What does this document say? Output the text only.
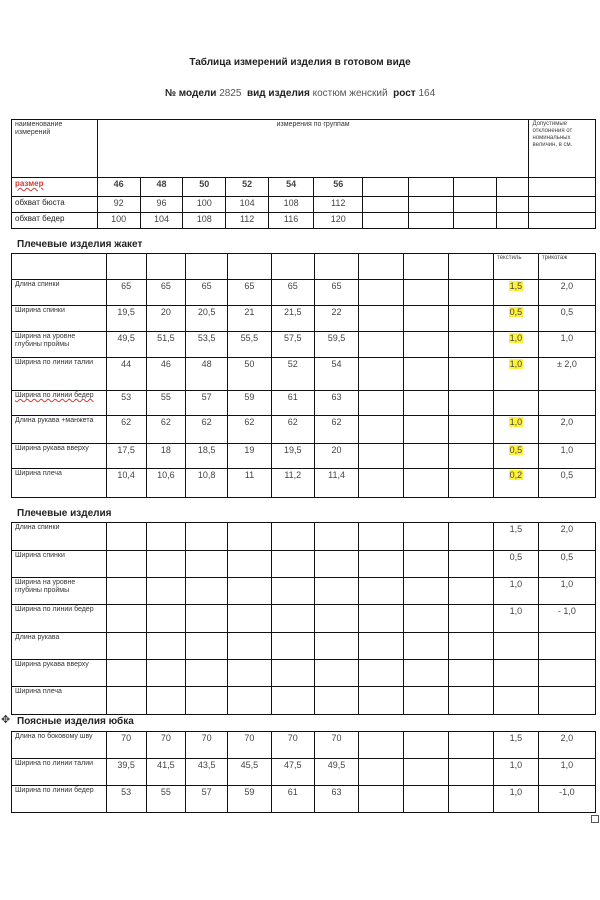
Таблица измерений изделия в готовом виде
№ модели 2825 вид изделия костюм женский рост 164
наименование измерений	измерения по группам										Допустимые отклонения от номинальных величин, в см.
размер	46	48	50	52	54	56					
обхват бюста	92	96	100	104	108	112					
обхват бедер	100	104	108	112	116	120					
Плечевые изделия жакет
										текстиль	трикотаж
Длина спинки	65	65	65	65	65	65				1,5	2,0
Ширина спинки	19,5	20	20,5	21	21,5	22				0,5	0,5
Ширина на уровне глубины проймы	49,5	51,5	53,5	55,5	57,5	59,5				1,0	1,0
Ширина по линии талии	44	46	48	50	52	54				1,0	± 2,0
Ширина по линии бедер	53	55	57	59	61	63					
Длина рукава +манжета	62	62	62	62	62	62				1,0	2,0
Ширина рукава вверху	17,5	18	18,5	19	19,5	20				0,5	1,0
Ширина плеча	10,4	10,6	10,8	11	11,2	11,4				0,2	0,5
Плечевые изделия
Длина спинки										1,5	2,0
Ширина спинки										0,5	0,5
Ширина на уровне глубины проймы										1,0	1,0
Ширина по линии бедер										1,0	- 1,0
Длина рукава											
Ширина рукава вверху											
Ширина плеча											
✥ Поясные изделия юбка
Длина по боковому шву	70	70	70	70	70	70				1,5	2,0
Ширина по линии талии	39,5	41,5	43,5	45,5	47,5	49,5				1,0	1,0
Ширина по линии бедер	53	55	57	59	61	63				1,0	-1,0
